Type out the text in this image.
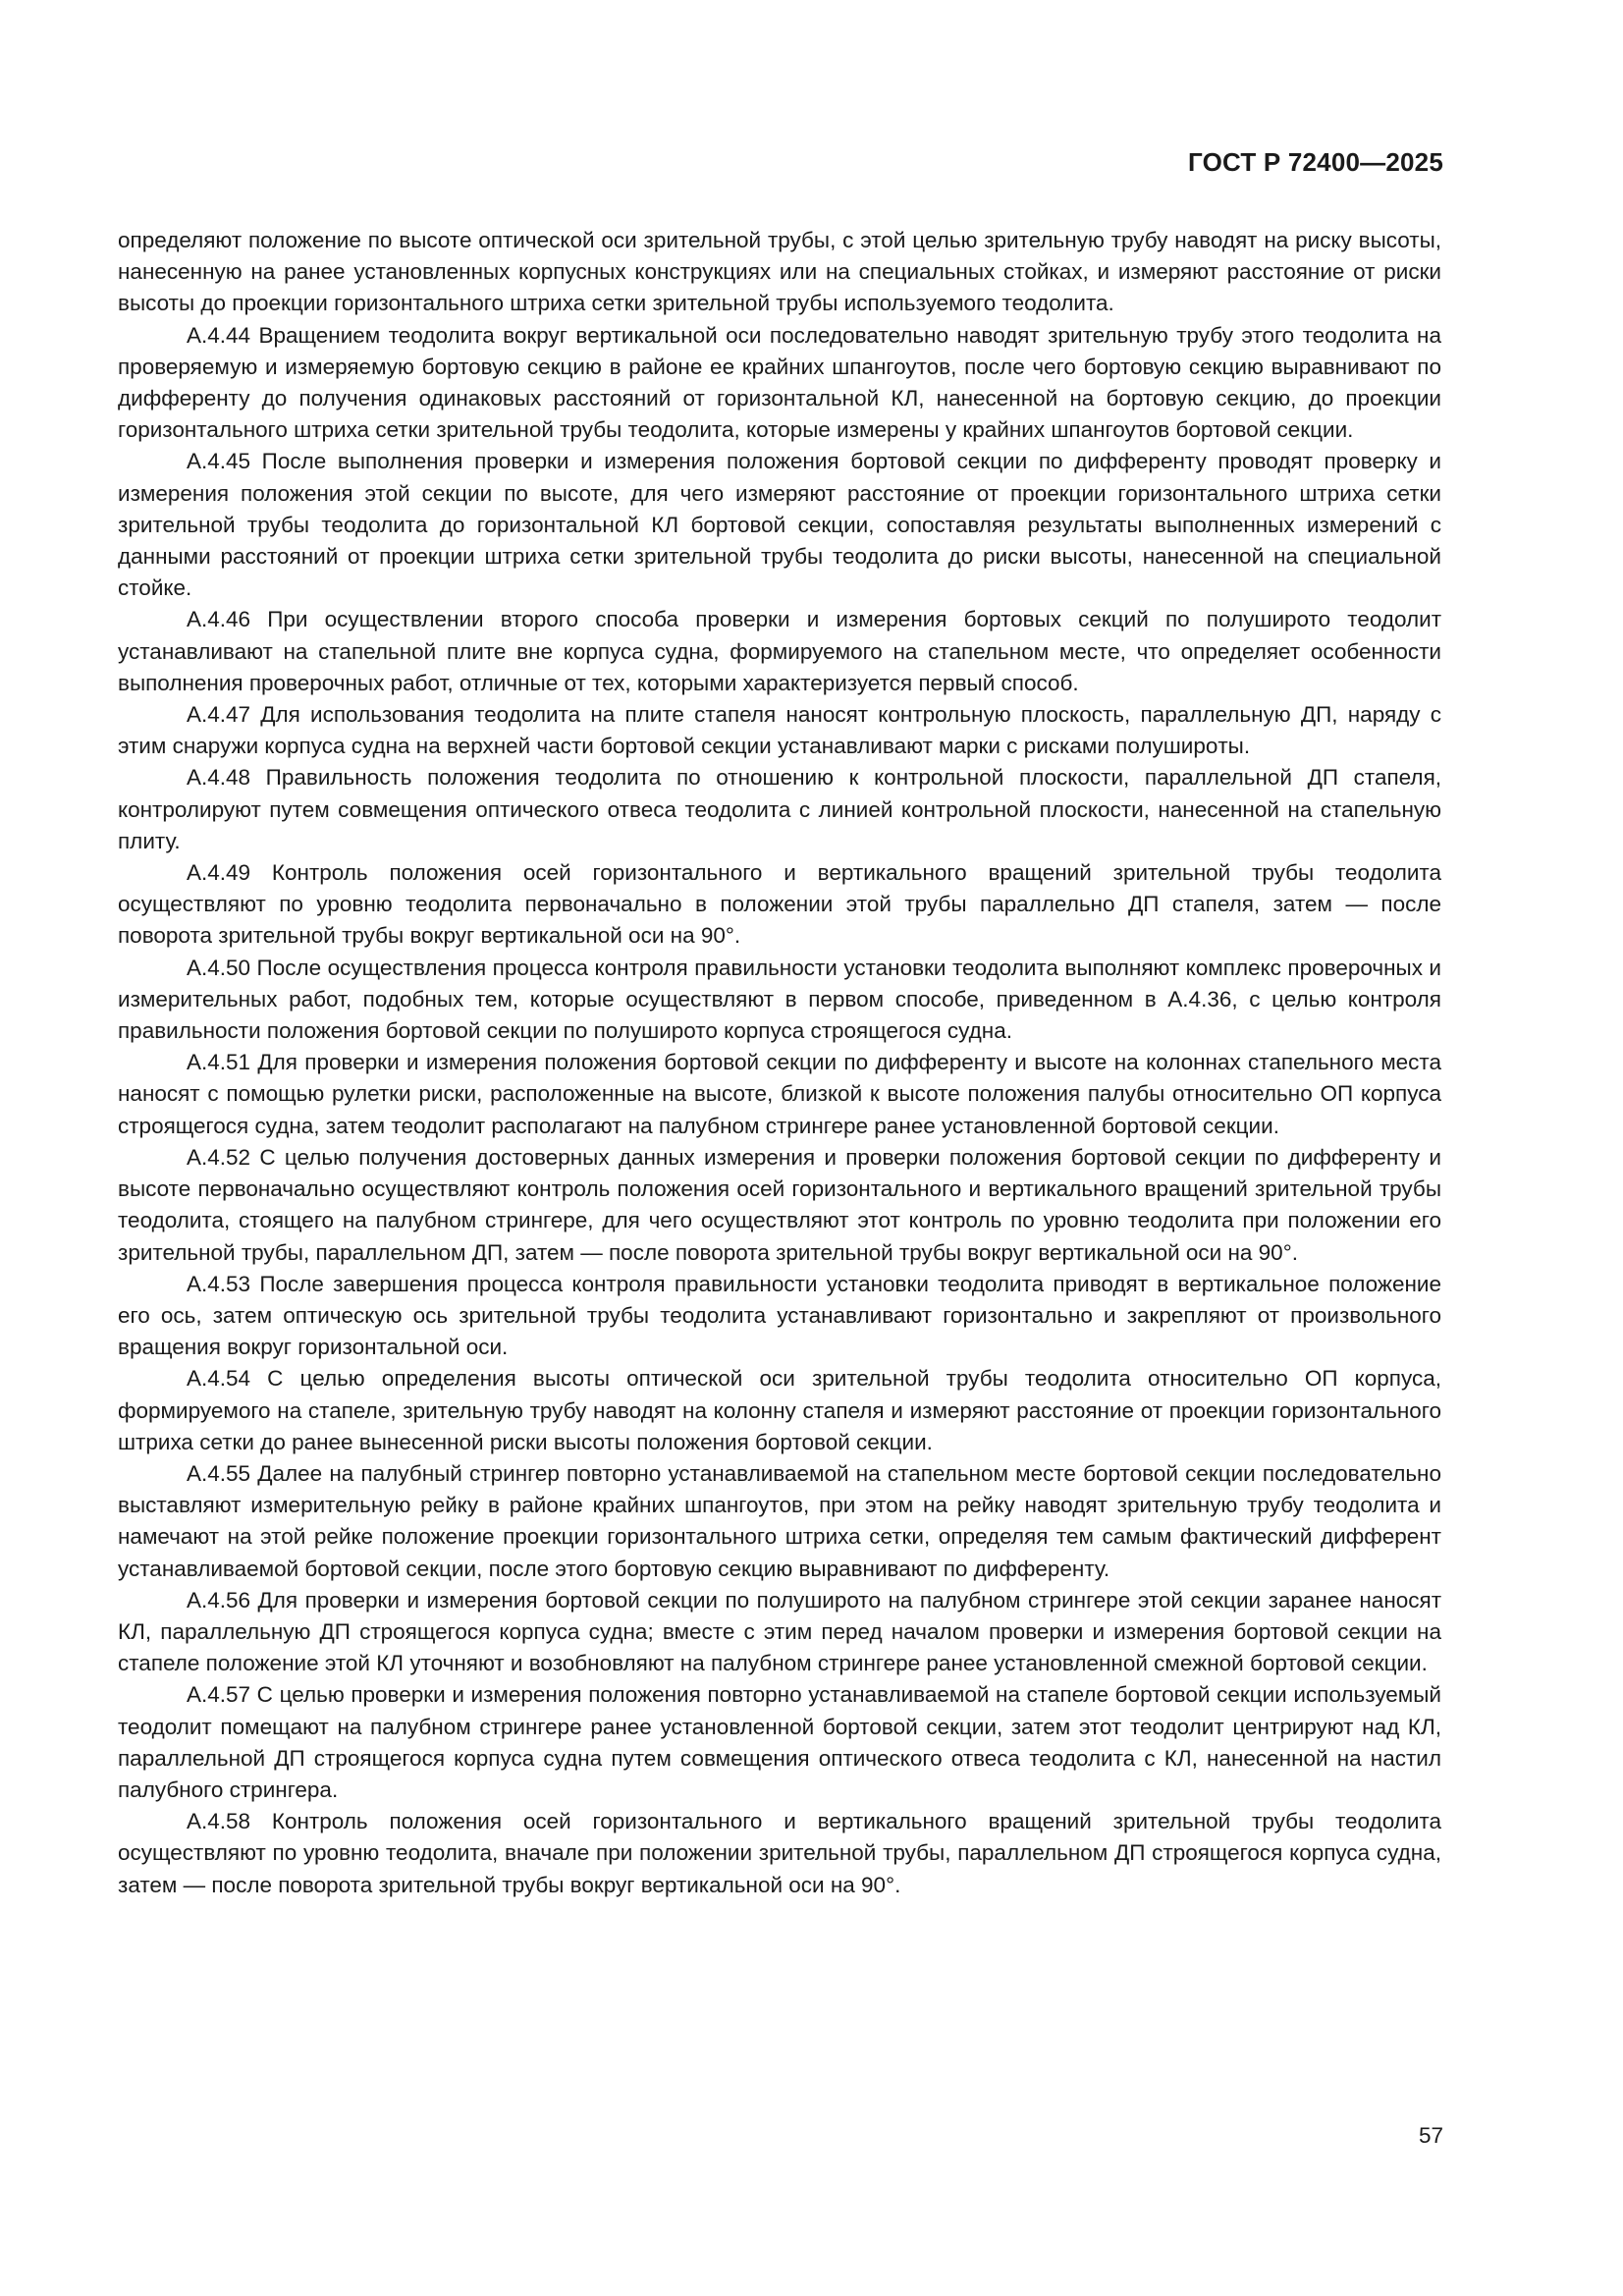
ГОСТ Р 72400—2025

определяют положение по высоте оптической оси зрительной трубы, с этой целью зрительную трубу наводят на риску высоты, нанесенную на ранее установленных корпусных конструкциях или на специальных стойках, и измеряют расстояние от риски высоты до проекции горизонтального штриха сетки зрительной трубы используемого теодолита.

А.4.44 Вращением теодолита вокруг вертикальной оси последовательно наводят зрительную трубу этого теодолита на проверяемую и измеряемую бортовую секцию в районе ее крайних шпангоутов, после чего бортовую секцию выравнивают по дифференту до получения одинаковых расстояний от горизонтальной КЛ, нанесенной на бортовую секцию, до проекции горизонтального штриха сетки зрительной трубы теодолита, которые измерены у крайних шпангоутов бортовой секции.

А.4.45 После выполнения проверки и измерения положения бортовой секции по дифференту проводят проверку и измерения положения этой секции по высоте, для чего измеряют расстояние от проекции горизонтального штриха сетки зрительной трубы теодолита до горизонтальной КЛ бортовой секции, сопоставляя результаты выполненных измерений с данными расстояний от проекции штриха сетки зрительной трубы теодолита до риски высоты, нанесенной на специальной стойке.

А.4.46 При осуществлении второго способа проверки и измерения бортовых секций по полуширото теодолит устанавливают на стапельной плите вне корпуса судна, формируемого на стапельном месте, что определяет особенности выполнения проверочных работ, отличные от тех, которыми характеризуется первый способ.

А.4.47 Для использования теодолита на плите стапеля наносят контрольную плоскость, параллельную ДП, наряду с этим снаружи корпуса судна на верхней части бортовой секции устанавливают марки с рисками полуширoты.

А.4.48 Правильность положения теодолита по отношению к контрольной плоскости, параллельной ДП стапеля, контролируют путем совмещения оптического отвеса теодолита с линией контрольной плоскости, нанесенной на стапельную плиту.

А.4.49 Контроль положения осей горизонтального и вертикального вращений зрительной трубы теодолита осуществляют по уровню теодолита первоначально в положении этой трубы параллельно ДП стапеля, затем — после поворота зрительной трубы вокруг вертикальной оси на 90°.

А.4.50 После осуществления процесса контроля правильности установки теодолита выполняют комплекс проверочных и измерительных работ, подобных тем, которые осуществляют в первом способе, приведенном в А.4.36, с целью контроля правильности положения бортовой секции по полуширото корпуса строящегося судна.

А.4.51 Для проверки и измерения положения бортовой секции по дифференту и высоте на колоннах стапельного места наносят с помощью рулетки риски, расположенные на высоте, близкой к высоте положения палубы относительно ОП корпуса строящегося судна, затем теодолит располагают на палубном стрингере ранее установленной бортовой секции.

А.4.52 С целью получения достоверных данных измерения и проверки положения бортовой секции по дифференту и высоте первоначально осуществляют контроль положения осей горизонтального и вертикального вращений зрительной трубы теодолита, стоящего на палубном стрингере, для чего осуществляют этот контроль по уровню теодолита при положении его зрительной трубы, параллельном ДП, затем — после поворота зрительной трубы вокруг вертикальной оси на 90°.

А.4.53 После завершения процесса контроля правильности установки теодолита приводят в вертикальное положение его ось, затем оптическую ось зрительной трубы теодолита устанавливают горизонтально и закрепляют от произвольного вращения вокруг горизонтальной оси.

А.4.54 С целью определения высоты оптической оси зрительной трубы теодолита относительно ОП корпуса, формируемого на стапеле, зрительную трубу наводят на колонну стапеля и измеряют расстояние от проекции горизонтального штриха сетки до ранее вынесенной риски высоты положения бортовой секции.

А.4.55 Далее на палубный стрингер повторно устанавливаемой на стапельном месте бортовой секции последовательно выставляют измерительную рейку в районе крайних шпангоутов, при этом на рейку наводят зрительную трубу теодолита и намечают на этой рейке положение проекции горизонтального штриха сетки, определяя тем самым фактический дифферент устанавливаемой бортовой секции, после этого бортовую секцию выравнивают по дифференту.

А.4.56 Для проверки и измерения бортовой секции по полуширото на палубном стрингере этой секции заранее наносят КЛ, параллельную ДП строящегося корпуса судна; вместе с этим перед началом проверки и измерения бортовой секции на стапеле положение этой КЛ уточняют и возобновляют на палубном стрингере ранее установленной смежной бортовой секции.

А.4.57 С целью проверки и измерения положения повторно устанавливаемой на стапеле бортовой секции используемый теодолит помещают на палубном стрингере ранее установленной бортовой секции, затем этот теодолит центрируют над КЛ, параллельной ДП строящегося корпуса судна путем совмещения оптического отвеса теодолита с КЛ, нанесенной на настил палубного стрингера.

А.4.58 Контроль положения осей горизонтального и вертикального вращений зрительной трубы теодолита осуществляют по уровню теодолита, вначале при положении зрительной трубы, параллельном ДП строящегося корпуса судна, затем — после поворота зрительной трубы вокруг вертикальной оси на 90°.

57
